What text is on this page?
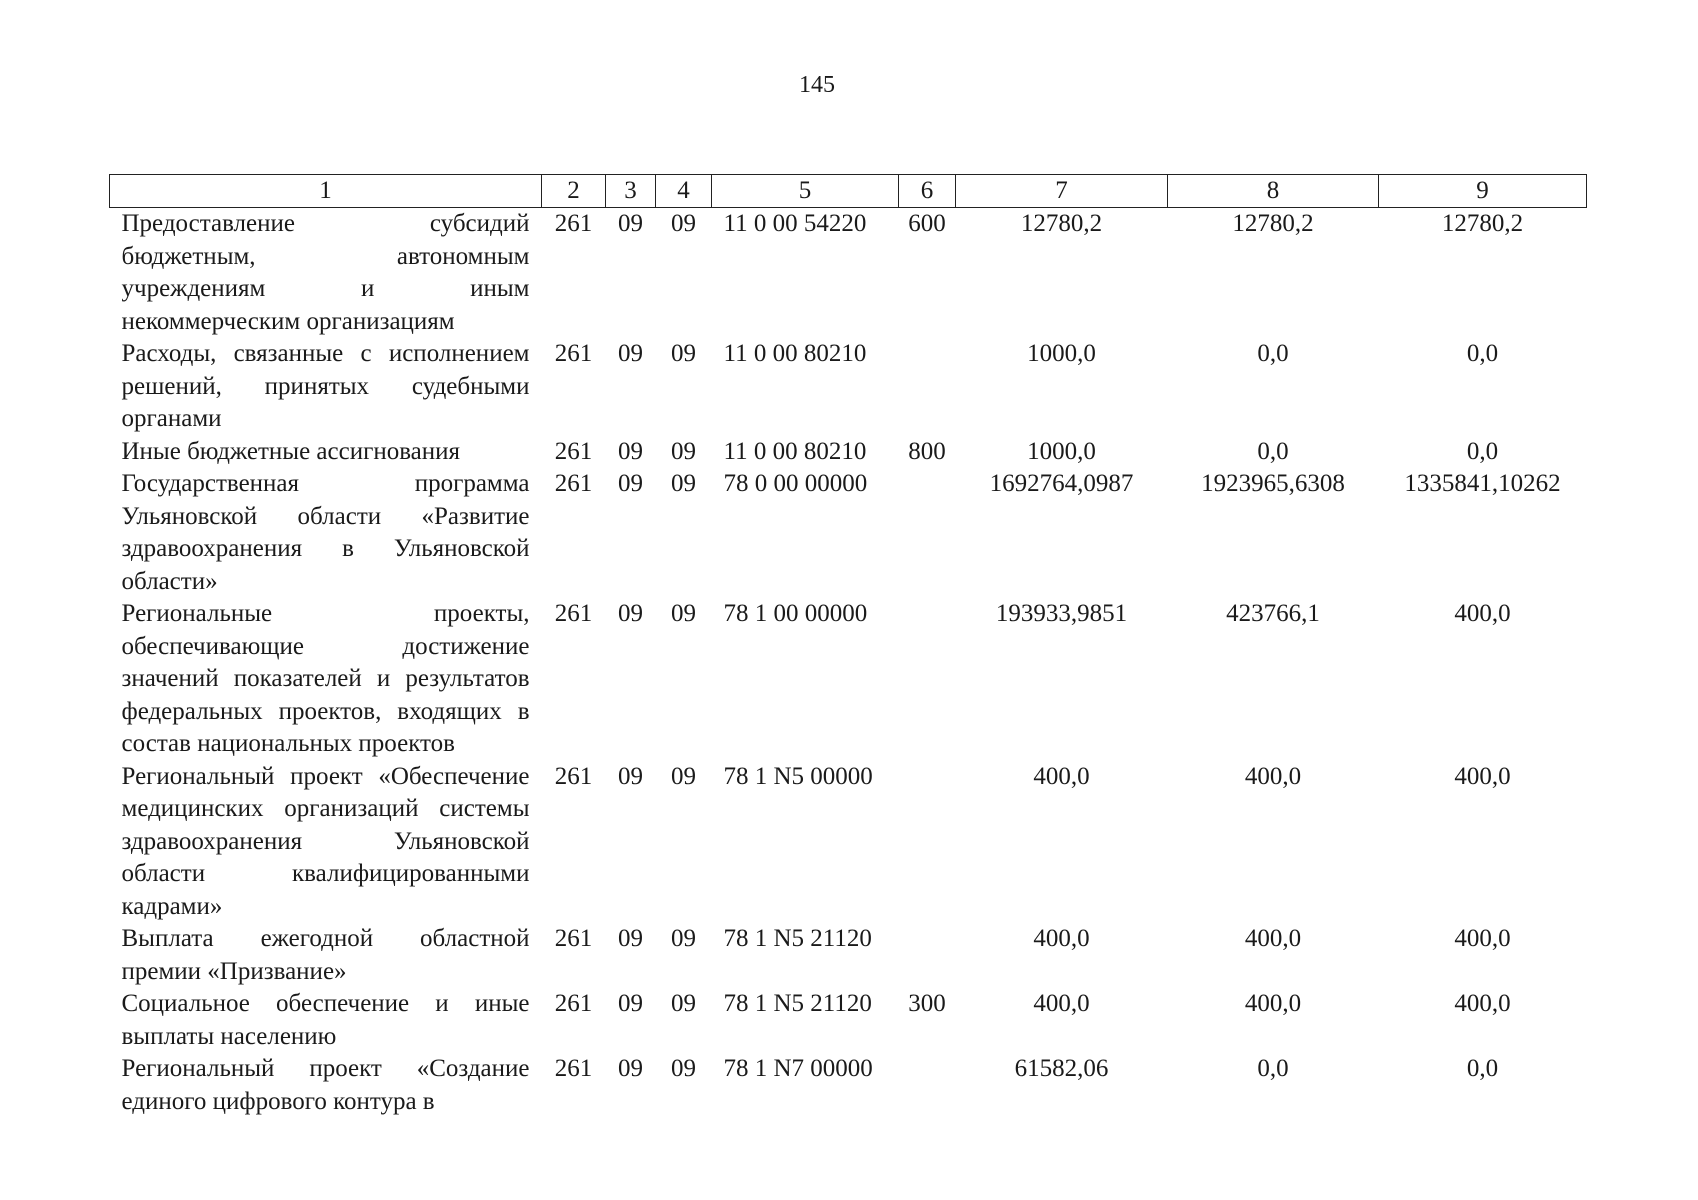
145
1	2	3	4	5	6	7	8	9
Предоставление субсидий бюджетным, автономным учреждениям и иным некоммерческим организациям	261	09	09	11 0 00 54220	600	12780,2	12780,2	12780,2
Расходы, связанные с исполнением решений, принятых судебными органами	261	09	09	11 0 00 80210		1000,0	0,0	0,0
Иные бюджетные ассигнования	261	09	09	11 0 00 80210	800	1000,0	0,0	0,0
Государственная программа Ульяновской области «Развитие здравоохранения в Ульяновской области»	261	09	09	78 0 00 00000		1692764,0987	1923965,6308	1335841,10262
Региональные проекты, обеспечивающие достижение значений показателей и результатов федеральных проектов, входящих в состав национальных проектов	261	09	09	78 1 00 00000		193933,9851	423766,1	400,0
Региональный проект «Обеспечение медицинских организаций системы здравоохранения Ульяновской области квалифицированными кадрами»	261	09	09	78 1 N5 00000		400,0	400,0	400,0
Выплата ежегодной областной премии «Призвание»	261	09	09	78 1 N5 21120		400,0	400,0	400,0
Социальное обеспечение и иные выплаты населению	261	09	09	78 1 N5 21120	300	400,0	400,0	400,0
Региональный проект «Создание единого цифрового контура в	261	09	09	78 1 N7 00000		61582,06	0,0	0,0
